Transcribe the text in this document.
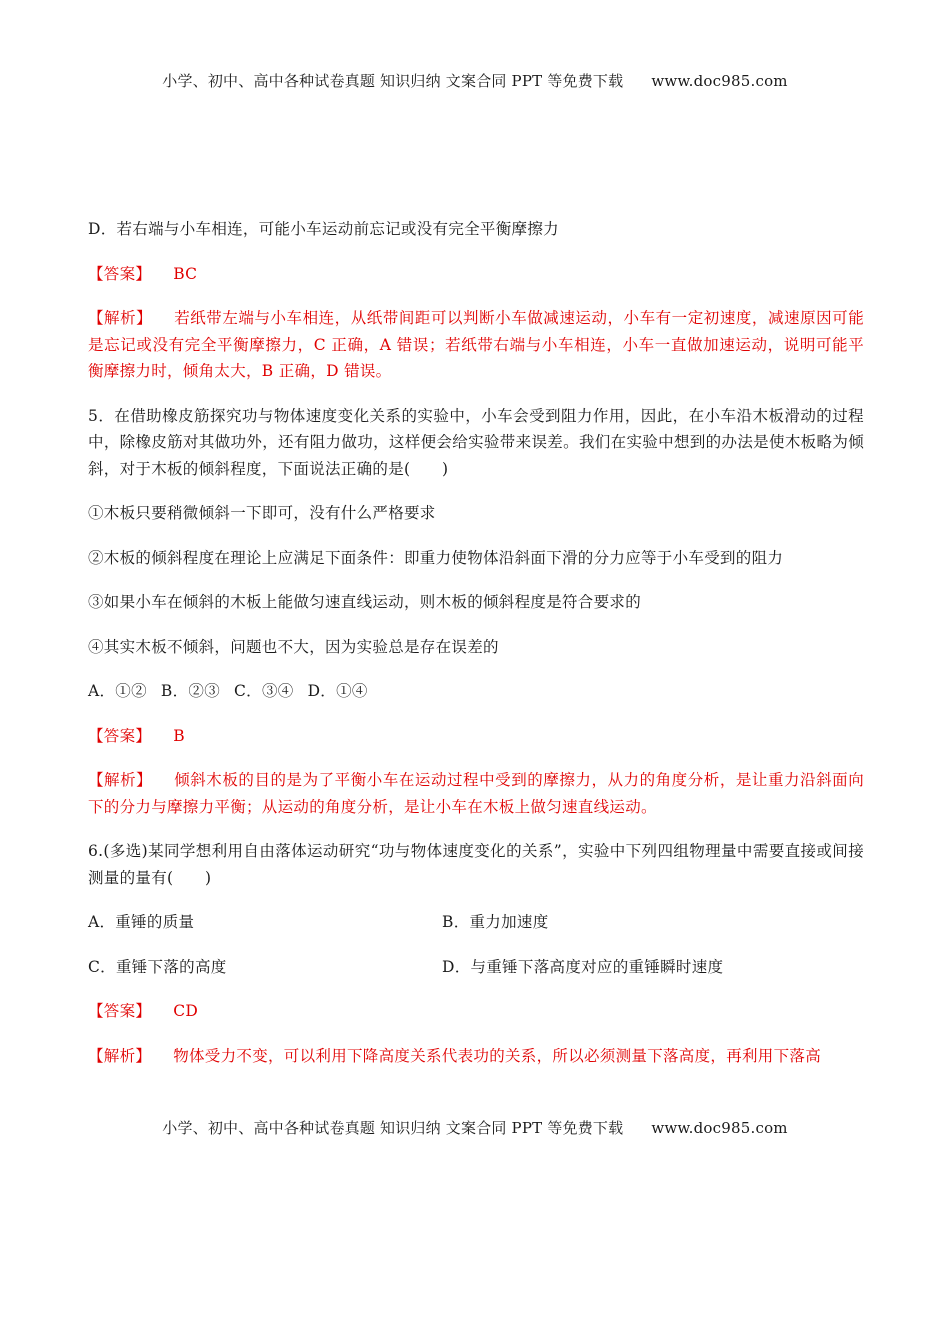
小学、初中、高中各种试卷真题 知识归纳 文案合同 PPT 等免费下载 www.doc985.com

D．若右端与小车相连，可能小车运动前忘记或没有完全平衡摩擦力

【答案】 BC

【解析】 若纸带左端与小车相连，从纸带间距可以判断小车做减速运动，小车有一定初速度，减速原因可能是忘记或没有完全平衡摩擦力，C 正确，A 错误；若纸带右端与小车相连，小车一直做加速运动，说明可能平衡摩擦力时，倾角太大，B 正确，D 错误。

5．在借助橡皮筋探究功与物体速度变化关系的实验中，小车会受到阻力作用，因此，在小车沿木板滑动的过程中，除橡皮筋对其做功外，还有阻力做功，这样便会给实验带来误差。我们在实验中想到的办法是使木板略为倾斜，对于木板的倾斜程度，下面说法正确的是(　　)

①木板只要稍微倾斜一下即可，没有什么严格要求

②木板的倾斜程度在理论上应满足下面条件：即重力使物体沿斜面下滑的分力应等于小车受到的阻力

③如果小车在倾斜的木板上能做匀速直线运动，则木板的倾斜程度是符合要求的

④其实木板不倾斜，问题也不大，因为实验总是存在误差的

A．①② B．②③ C．③④ D．①④

【答案】 B

【解析】 倾斜木板的目的是为了平衡小车在运动过程中受到的摩擦力，从力的角度分析，是让重力沿斜面向下的分力与摩擦力平衡；从运动的角度分析，是让小车在木板上做匀速直线运动。

6.(多选)某同学想利用自由落体运动研究“功与物体速度变化的关系”，实验中下列四组物理量中需要直接或间接测量的量有(　　)

A．重锤的质量	B．重力加速度
C．重锤下落的高度	D．与重锤下落高度对应的重锤瞬时速度

【答案】 CD

【解析】 物体受力不变，可以利用下降高度关系代表功的关系，所以必须测量下落高度，再利用下落高

小学、初中、高中各种试卷真题 知识归纳 文案合同 PPT 等免费下载 www.doc985.com
